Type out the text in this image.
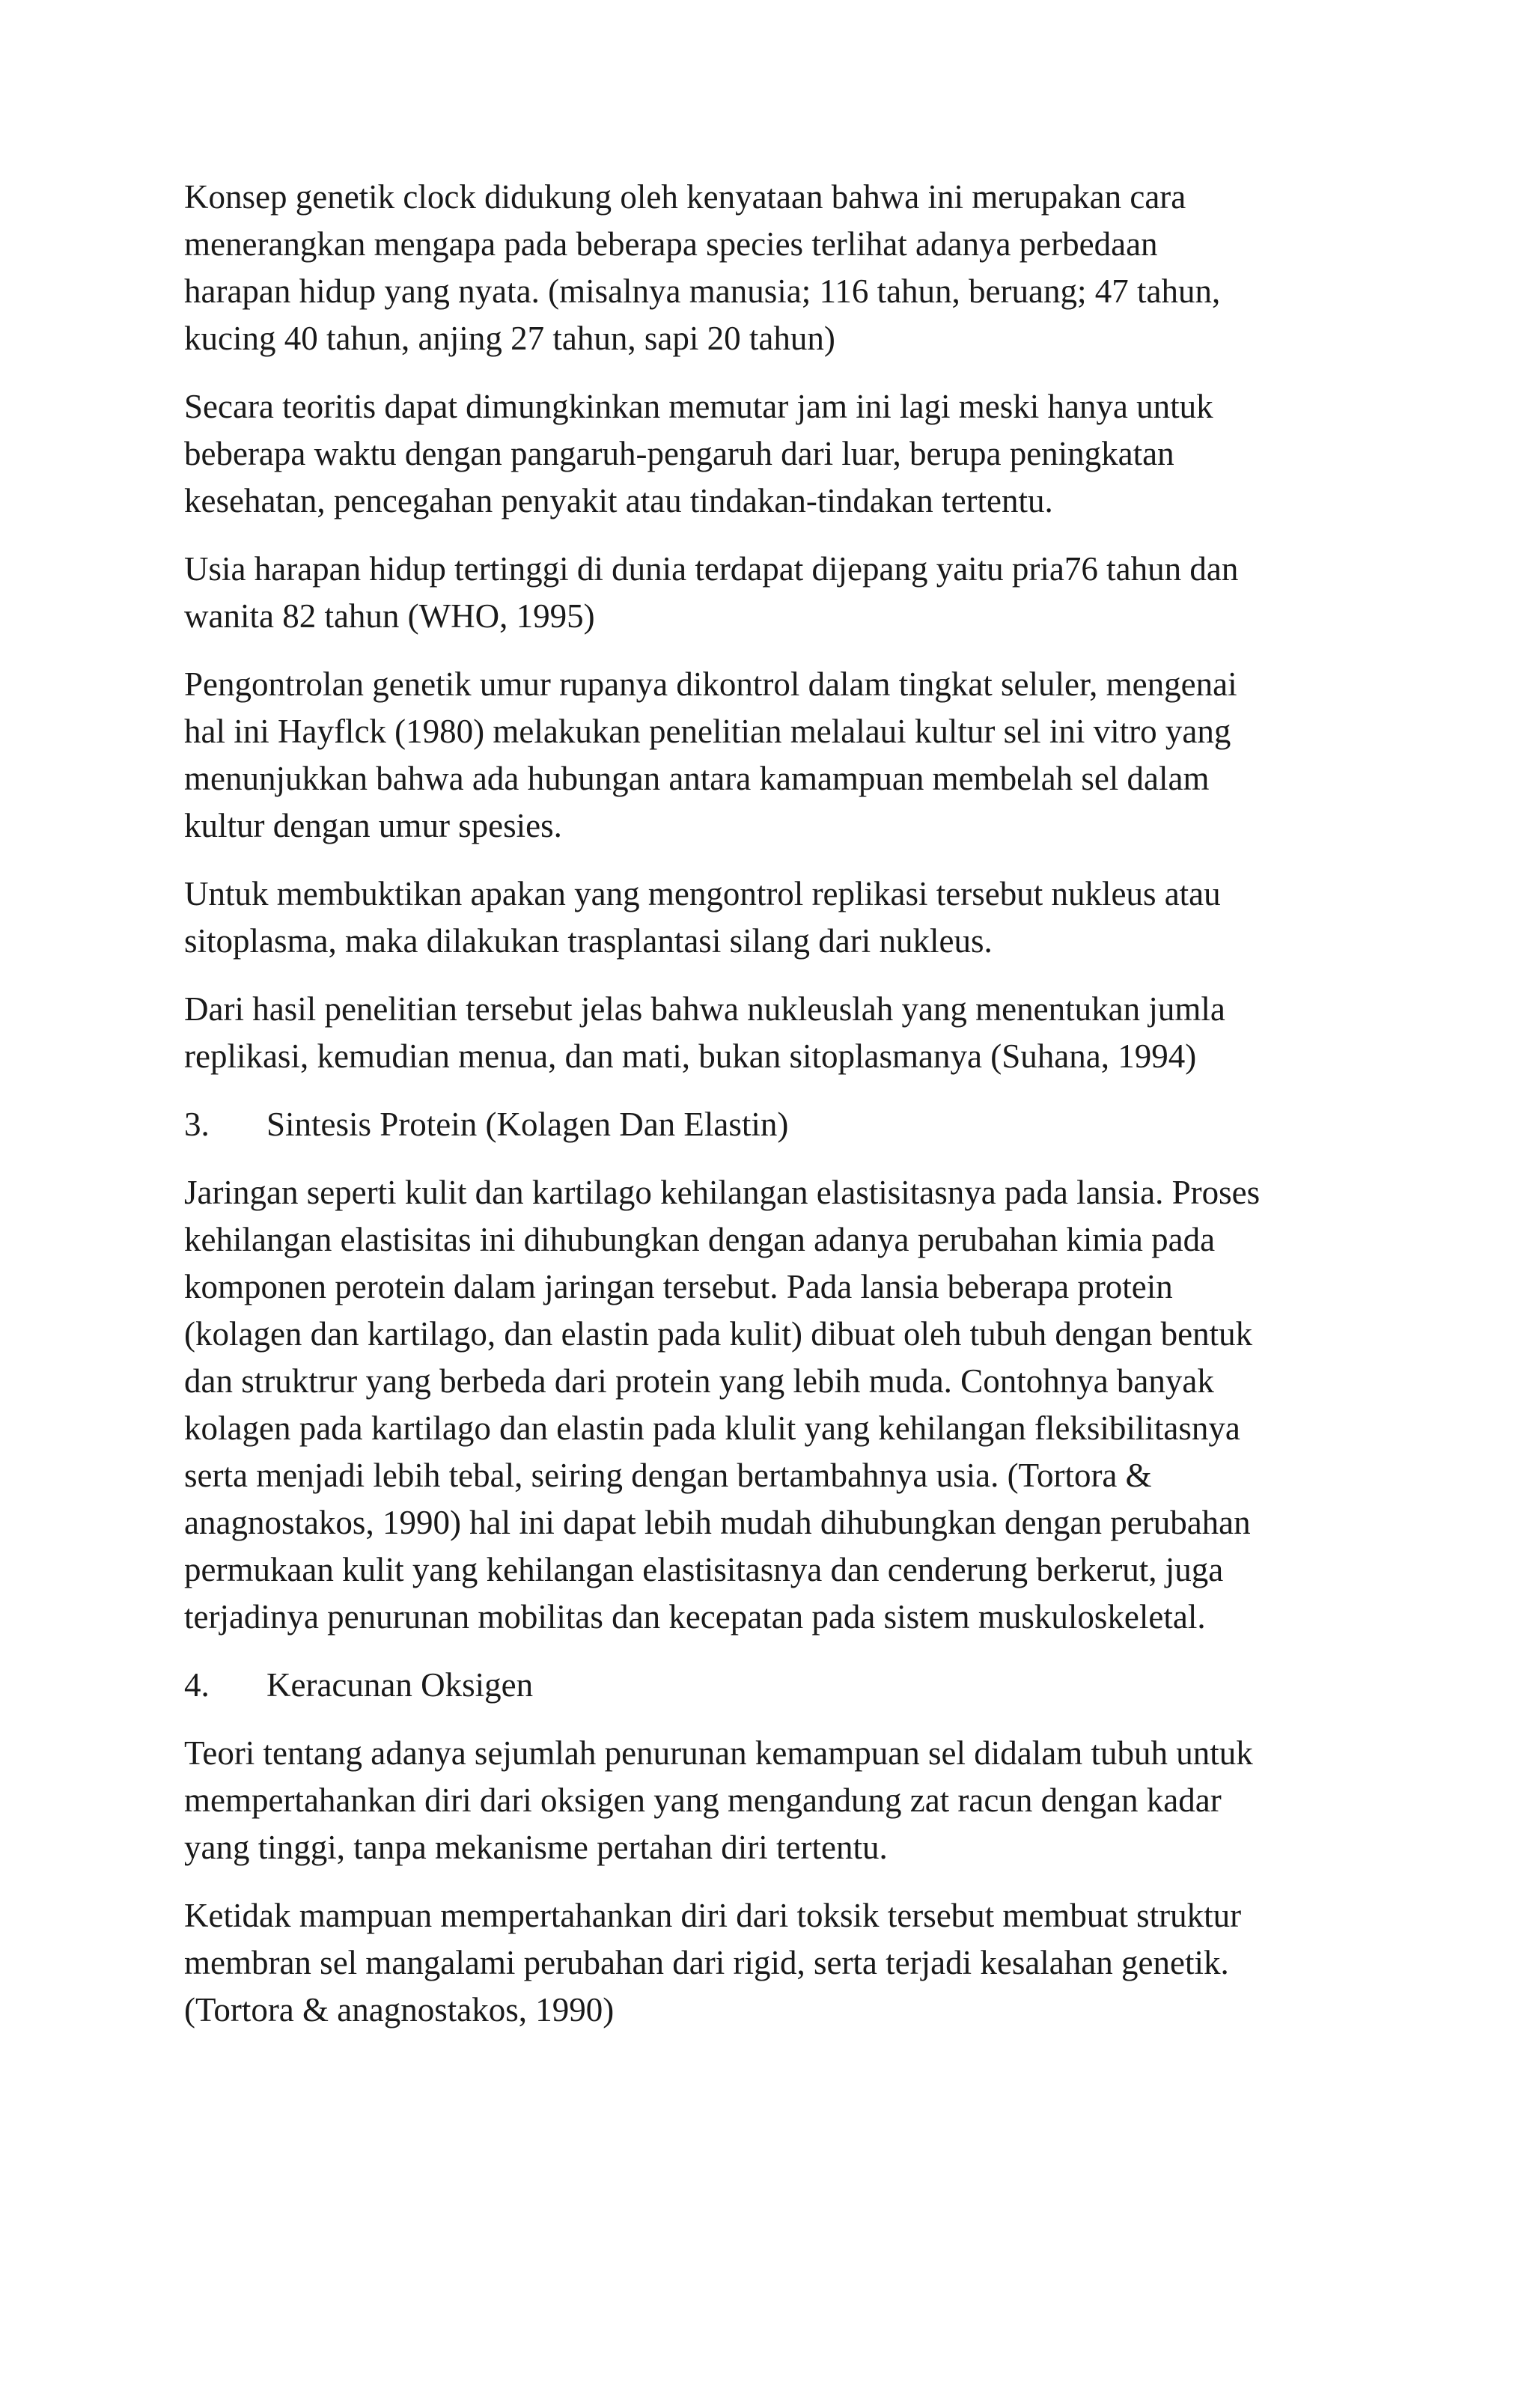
Konsep genetik clock didukung oleh kenyataan bahwa ini merupakan cara
menerangkan mengapa pada beberapa species terlihat adanya perbedaan
harapan hidup yang nyata. (misalnya manusia; 116 tahun, beruang; 47 tahun,
kucing 40 tahun, anjing 27 tahun, sapi 20 tahun)
Secara teoritis dapat dimungkinkan memutar jam ini lagi meski hanya untuk
beberapa waktu dengan pangaruh-pengaruh dari luar, berupa peningkatan
kesehatan, pencegahan penyakit atau tindakan-tindakan tertentu.
Usia harapan hidup tertinggi di dunia terdapat dijepang yaitu pria76 tahun dan
wanita 82 tahun (WHO, 1995)
Pengontrolan genetik umur rupanya dikontrol dalam tingkat seluler, mengenai
hal ini Hayflck (1980) melakukan penelitian melalaui kultur sel ini vitro yang
menunjukkan bahwa ada hubungan antara kamampuan membelah sel dalam
kultur dengan umur spesies.
Untuk membuktikan apakan yang mengontrol replikasi tersebut nukleus atau
sitoplasma, maka dilakukan trasplantasi silang dari nukleus.
Dari hasil penelitian tersebut jelas bahwa nukleuslah yang menentukan jumla
replikasi, kemudian menua, dan mati, bukan sitoplasmanya (Suhana, 1994)
3. Sintesis Protein (Kolagen Dan Elastin)
Jaringan seperti kulit dan kartilago kehilangan elastisitasnya pada lansia. Proses
kehilangan elastisitas ini dihubungkan dengan adanya perubahan kimia pada
komponen perotein dalam jaringan tersebut. Pada lansia beberapa protein
(kolagen dan kartilago, dan elastin pada kulit) dibuat oleh tubuh dengan bentuk
dan struktrur yang berbeda dari protein yang lebih muda. Contohnya banyak
kolagen pada kartilago dan elastin pada klulit yang kehilangan fleksibilitasnya
serta menjadi lebih tebal, seiring dengan bertambahnya usia. (Tortora &
anagnostakos, 1990) hal ini dapat lebih mudah dihubungkan dengan perubahan
permukaan kulit yang kehilangan elastisitasnya dan cenderung berkerut, juga
terjadinya penurunan mobilitas dan kecepatan pada sistem muskuloskeletal.
4. Keracunan Oksigen
Teori tentang adanya sejumlah penurunan kemampuan sel didalam tubuh untuk
mempertahankan diri dari oksigen yang mengandung zat racun dengan kadar
yang tinggi, tanpa mekanisme pertahan diri tertentu.
Ketidak mampuan mempertahankan diri dari toksik tersebut membuat struktur
membran sel mangalami perubahan dari rigid, serta terjadi kesalahan genetik.
(Tortora & anagnostakos, 1990)
